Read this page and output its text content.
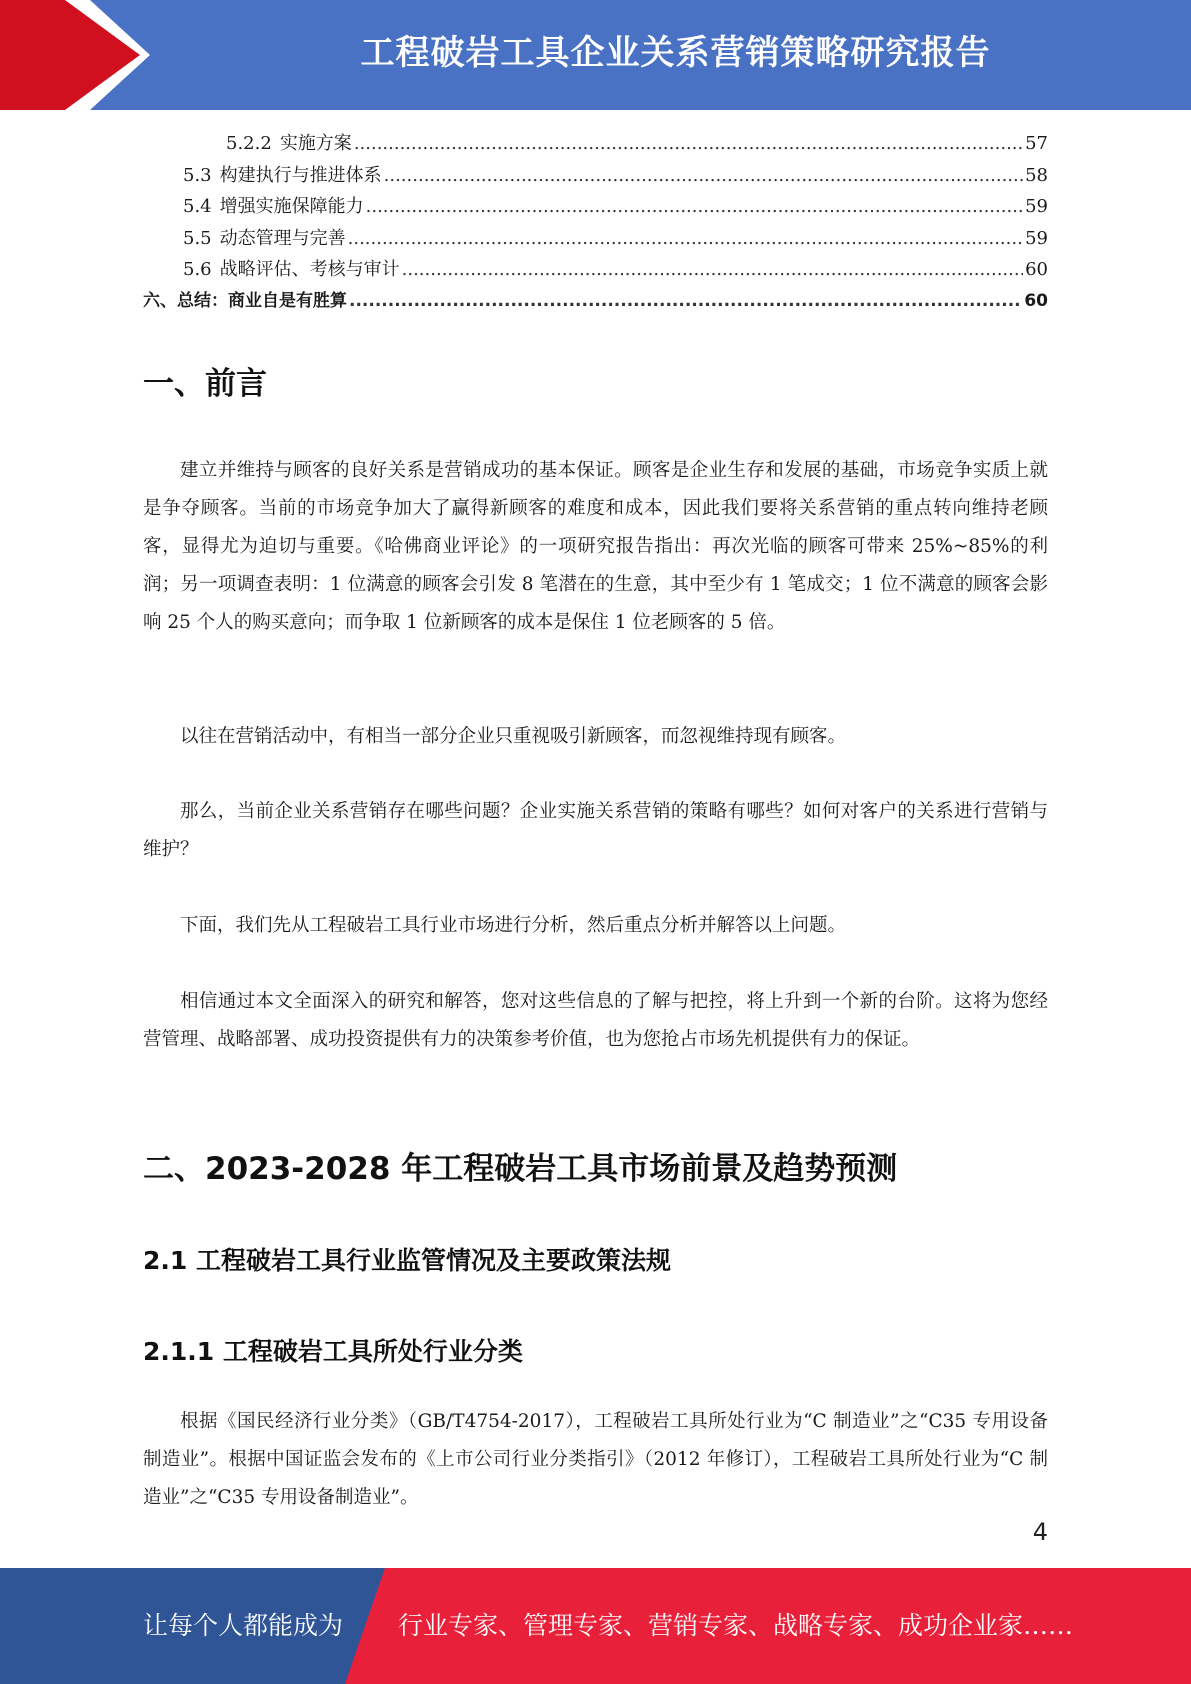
工程破岩工具企业关系营销策略研究报告
5.2.2 实施方案 .....	57
5.3 构建执行与推进体系 .....	58
5.4 增强实施保障能力 .....	59
5.5 动态管理与完善 .....	59
5.6 战略评估、考核与审计 .....	60
六、总结：商业自是有胜算 .....	60
一、前言

建立并维持与顾客的良好关系是营销成功的基本保证。顾客是企业生存和发展的基础，市场竞争实质上就是争夺顾客。当前的市场竞争加大了赢得新顾客的难度和成本，因此我们要将关系营销的重点转向维持老顾客，显得尤为迫切与重要。《哈佛商业评论》的一项研究报告指出：再次光临的顾客可带来 25%~85%的利润；另一项调查表明：1 位满意的顾客会引发 8 笔潜在的生意，其中至少有 1 笔成交；1 位不满意的顾客会影响 25 个人的购买意向；而争取 1 位新顾客的成本是保住 1 位老顾客的 5 倍。

以往在营销活动中，有相当一部分企业只重视吸引新顾客，而忽视维持现有顾客。

那么，当前企业关系营销存在哪些问题？企业实施关系营销的策略有哪些？如何对客户的关系进行营销与维护？

下面，我们先从工程破岩工具行业市场进行分析，然后重点分析并解答以上问题。

相信通过本文全面深入的研究和解答，您对这些信息的了解与把控，将上升到一个新的台阶。这将为您经营管理、战略部署、成功投资提供有力的决策参考价值，也为您抢占市场先机提供有力的保证。

二、2023-2028 年工程破岩工具市场前景及趋势预测
2.1 工程破岩工具行业监管情况及主要政策法规
2.1.1 工程破岩工具所处行业分类

根据《国民经济行业分类》（GB/T4754-2017），工程破岩工具所处行业为“C 制造业”之“C35 专用设备制造业”。根据中国证监会发布的《上市公司行业分类指引》（2012 年修订），工程破岩工具所处行业为“C 制造业”之“C35 专用设备制造业”。

4
让每个人都能成为 行业专家、管理专家、营销专家、战略专家、成功企业家……
